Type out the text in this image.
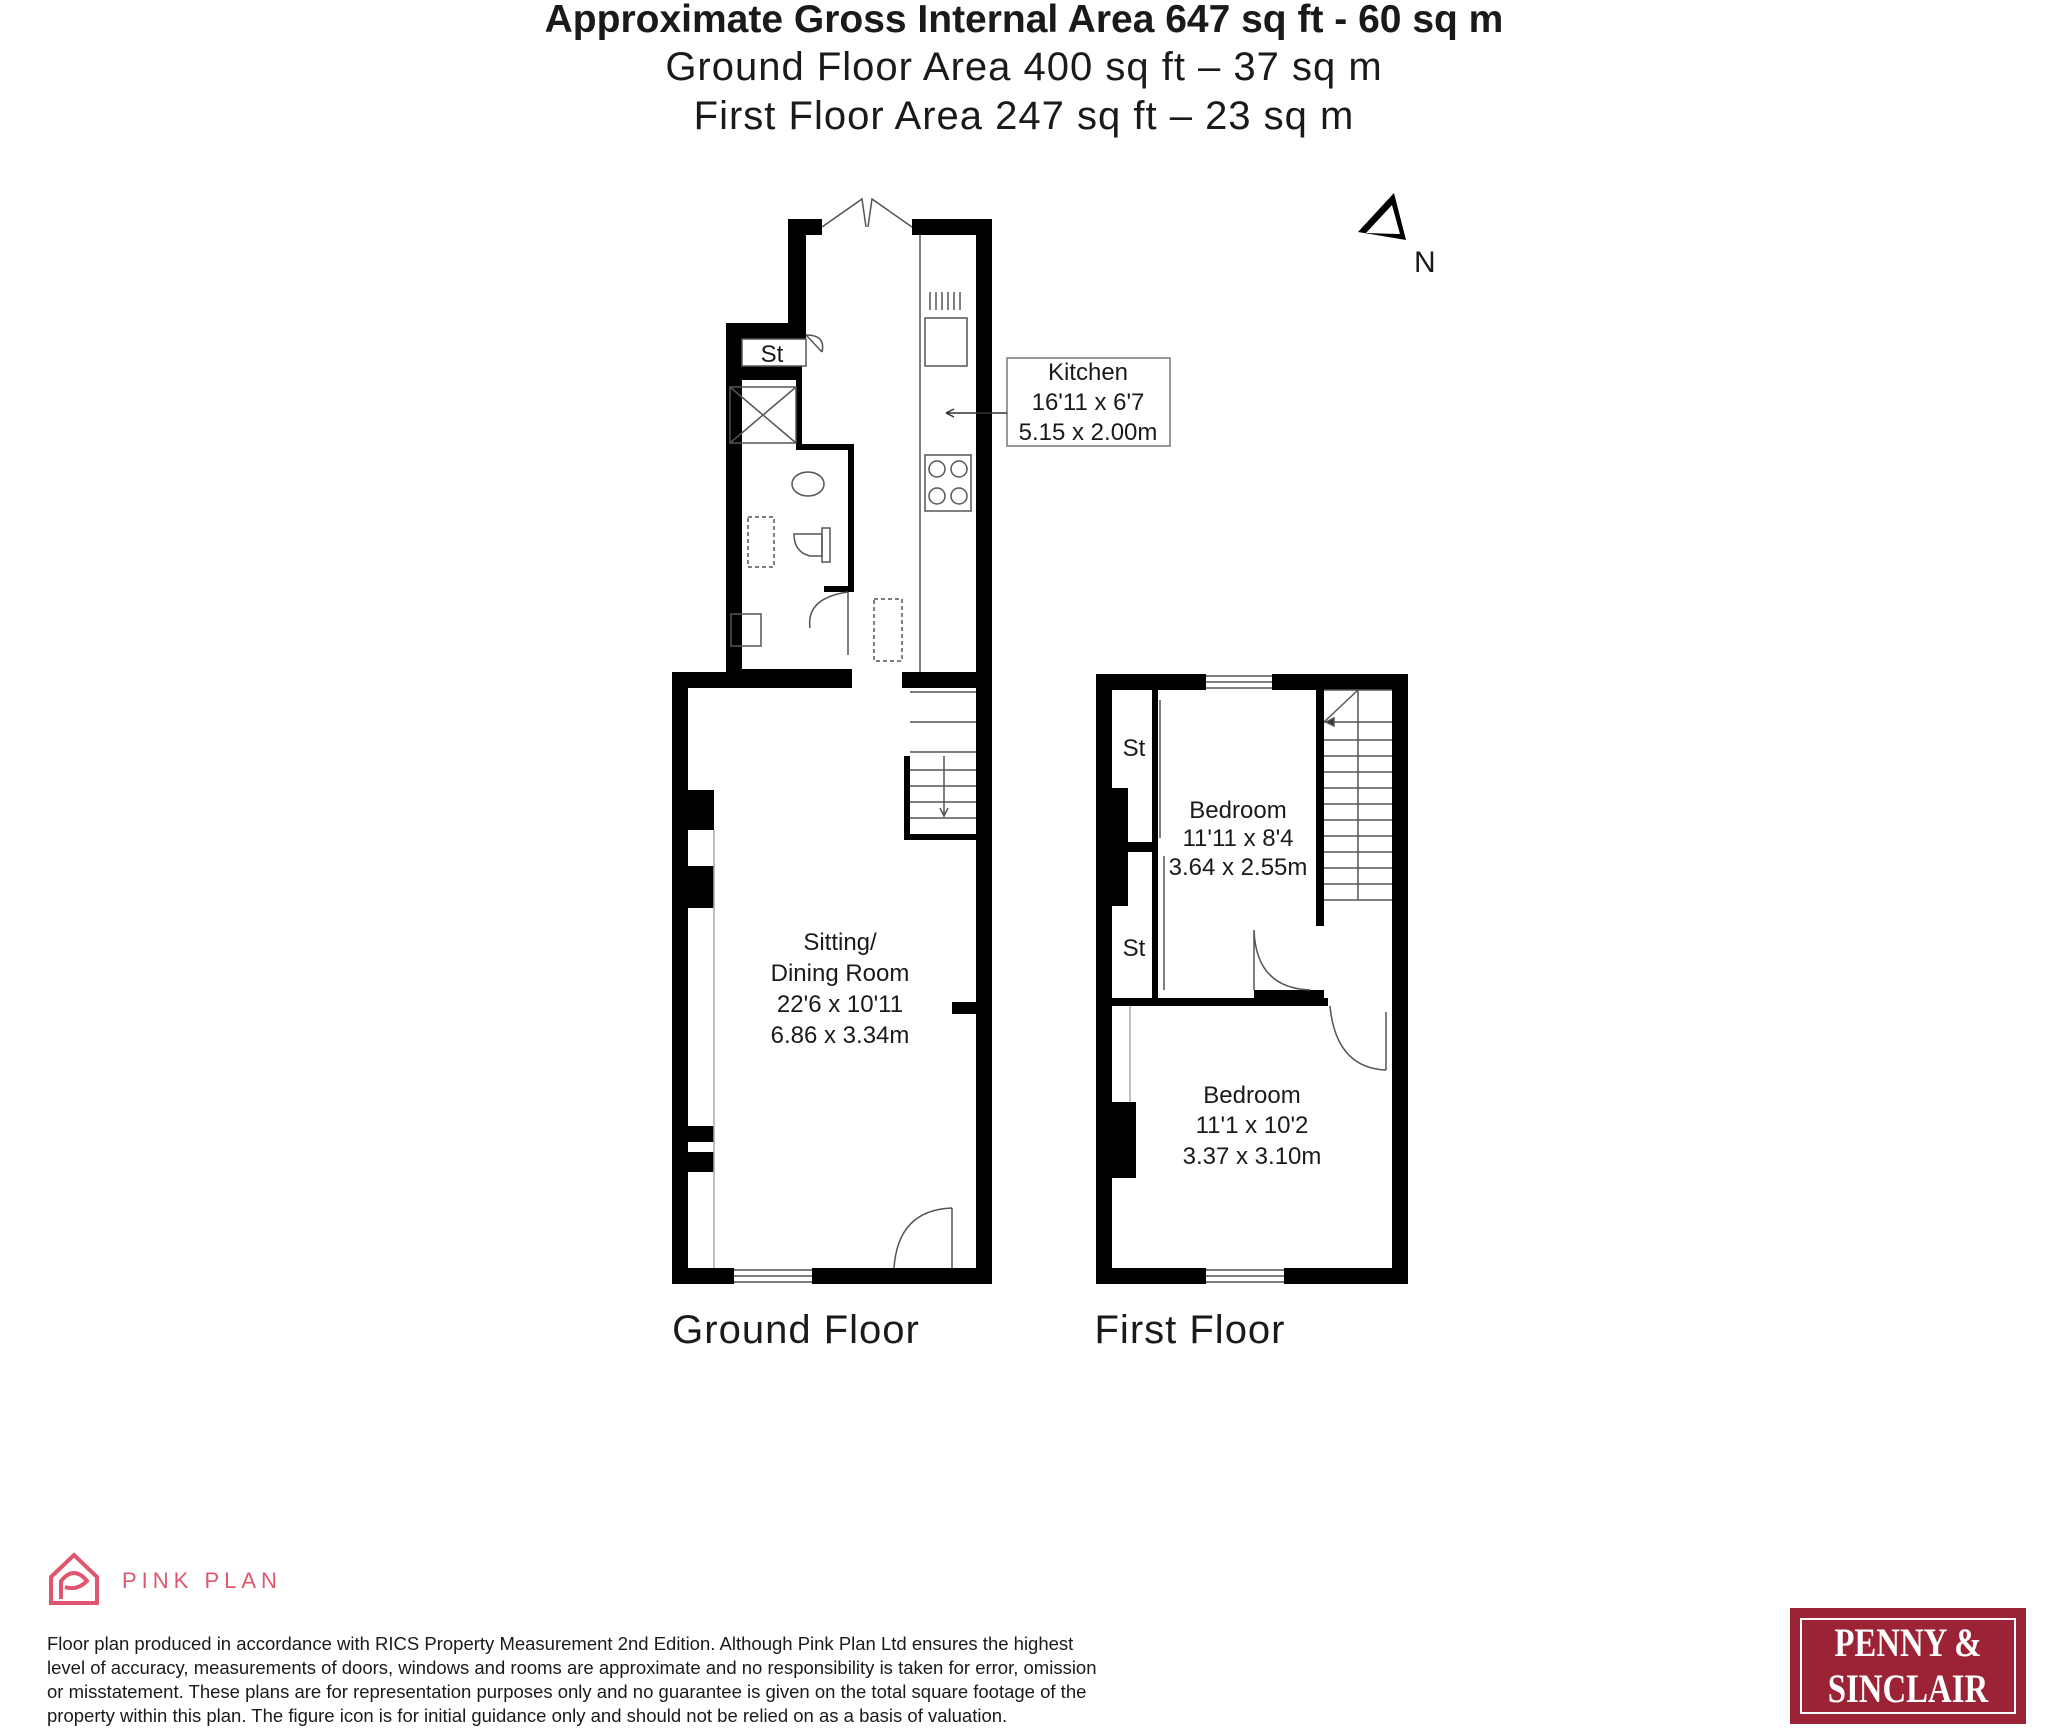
Approximate Gross Internal Area 647 sq ft - 60 sq m
Ground Floor Area 400 sq ft – 37 sq m
First Floor Area 247 sq ft – 23 sq m
N
Kitchen
16'11 x 6'7
5.15 x 2.00m
St
Sitting/
Dining Room
22'6 x 10'11
6.86 x 3.34m
Ground Floor
Bedroom
11'11 x 8'4
3.64 x 2.55m
St
St
Bedroom
11'1 x 10'2
3.37 x 3.10m
First Floor
PINK PLAN
Floor plan produced in accordance with RICS Property Measurement 2nd Edition. Although Pink Plan Ltd ensures the highest
level of accuracy, measurements of doors, windows and rooms are approximate and no responsibility is taken for error, omission
or misstatement. These plans are for representation purposes only and no guarantee is given on the total square footage of the
property within this plan. The figure icon is for initial guidance only and should not be relied on as a basis of valuation.
PENNY &
SINCLAIR
